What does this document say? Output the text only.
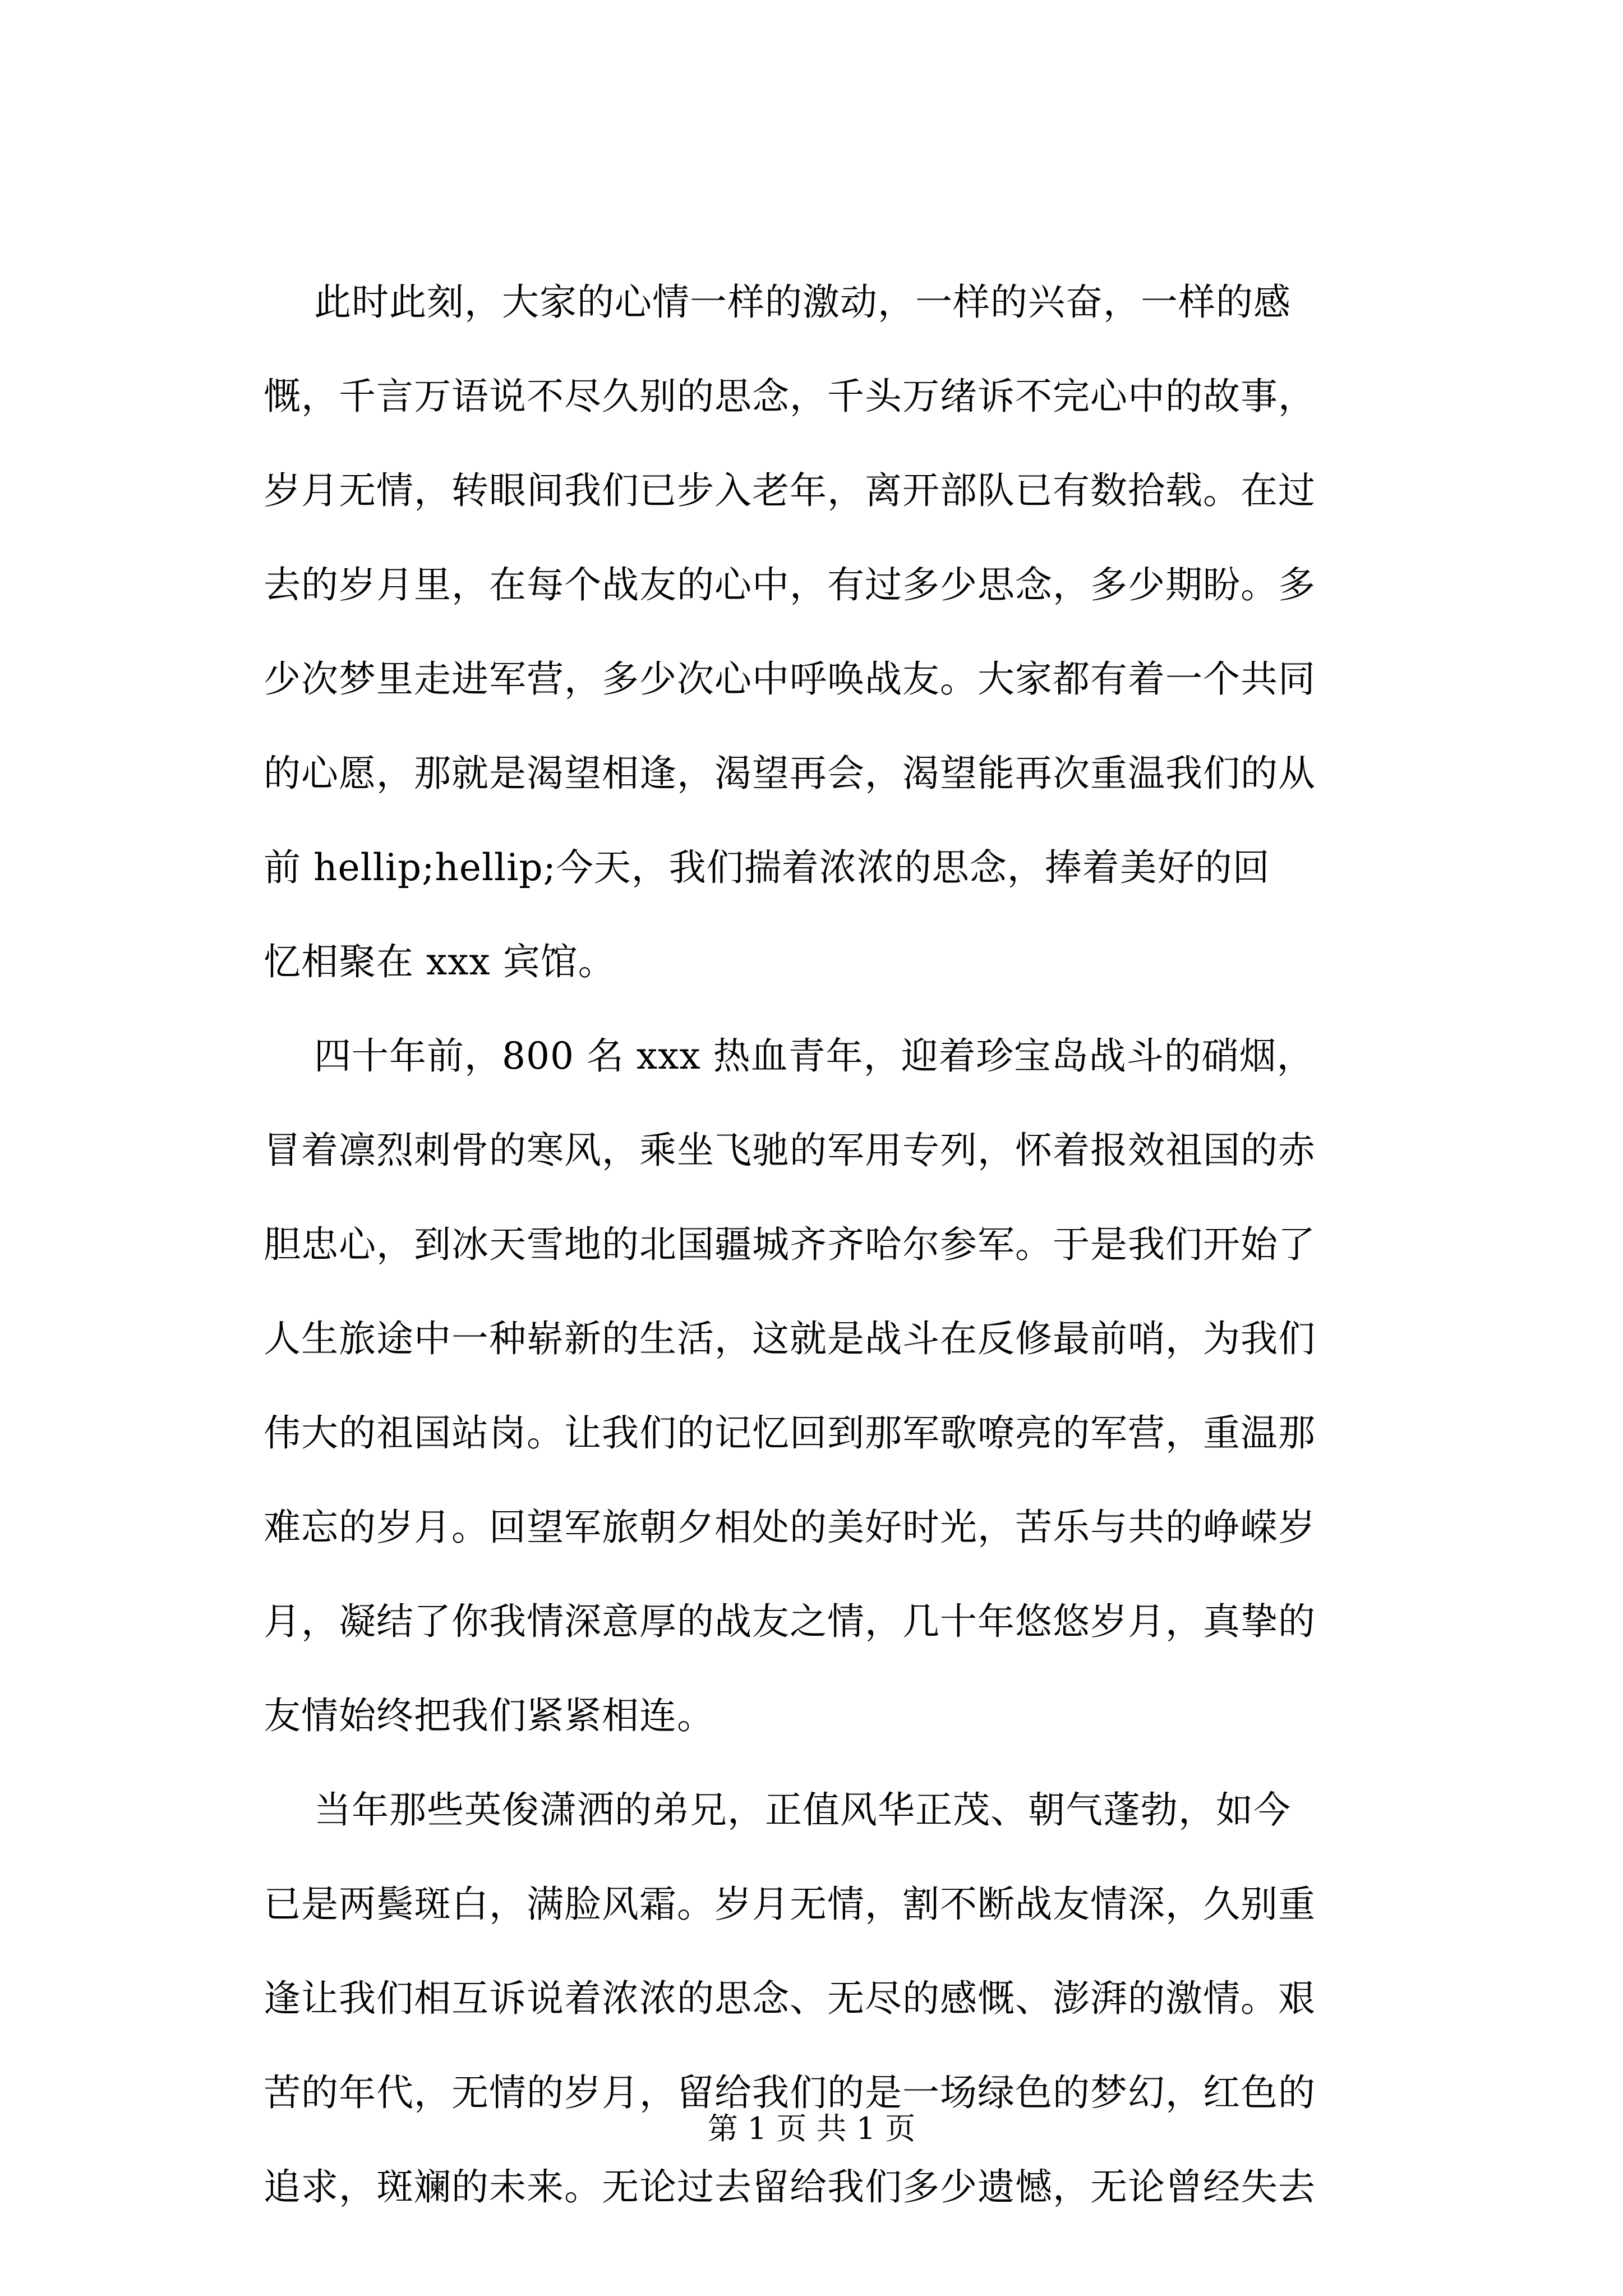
此时此刻，大家的心情一样的激动，一样的兴奋，一样的感
慨，千言万语说不尽久别的思念，千头万绪诉不完心中的故事，
岁月无情，转眼间我们已步入老年，离开部队已有数拾载。在过
去的岁月里，在每个战友的心中，有过多少思念，多少期盼。多
少次梦里走进军营，多少次心中呼唤战友。大家都有着一个共同
的心愿，那就是渴望相逢，渴望再会，渴望能再次重温我们的从
前 hellip;hellip;今天，我们揣着浓浓的思念，捧着美好的回
忆相聚在 xxx 宾馆。
四十年前，800 名 xxx 热血青年，迎着珍宝岛战斗的硝烟，
冒着凛烈刺骨的寒风，乘坐飞驰的军用专列，怀着报效祖国的赤
胆忠心，到冰天雪地的北国疆城齐齐哈尔参军。于是我们开始了
人生旅途中一种崭新的生活，这就是战斗在反修最前哨，为我们
伟大的祖国站岗。让我们的记忆回到那军歌嘹亮的军营，重温那
难忘的岁月。回望军旅朝夕相处的美好时光，苦乐与共的峥嵘岁
月，凝结了你我情深意厚的战友之情，几十年悠悠岁月，真挚的
友情始终把我们紧紧相连。
当年那些英俊潇洒的弟兄，正值风华正茂、朝气蓬勃，如今
已是两鬓斑白，满脸风霜。岁月无情，割不断战友情深，久别重
逢让我们相互诉说着浓浓的思念、无尽的感慨、澎湃的激情。艰
苦的年代，无情的岁月，留给我们的是一场绿色的梦幻，红色的
追求，斑斓的未来。无论过去留给我们多少遗憾，无论曾经失去
第 1 页 共 1 页
